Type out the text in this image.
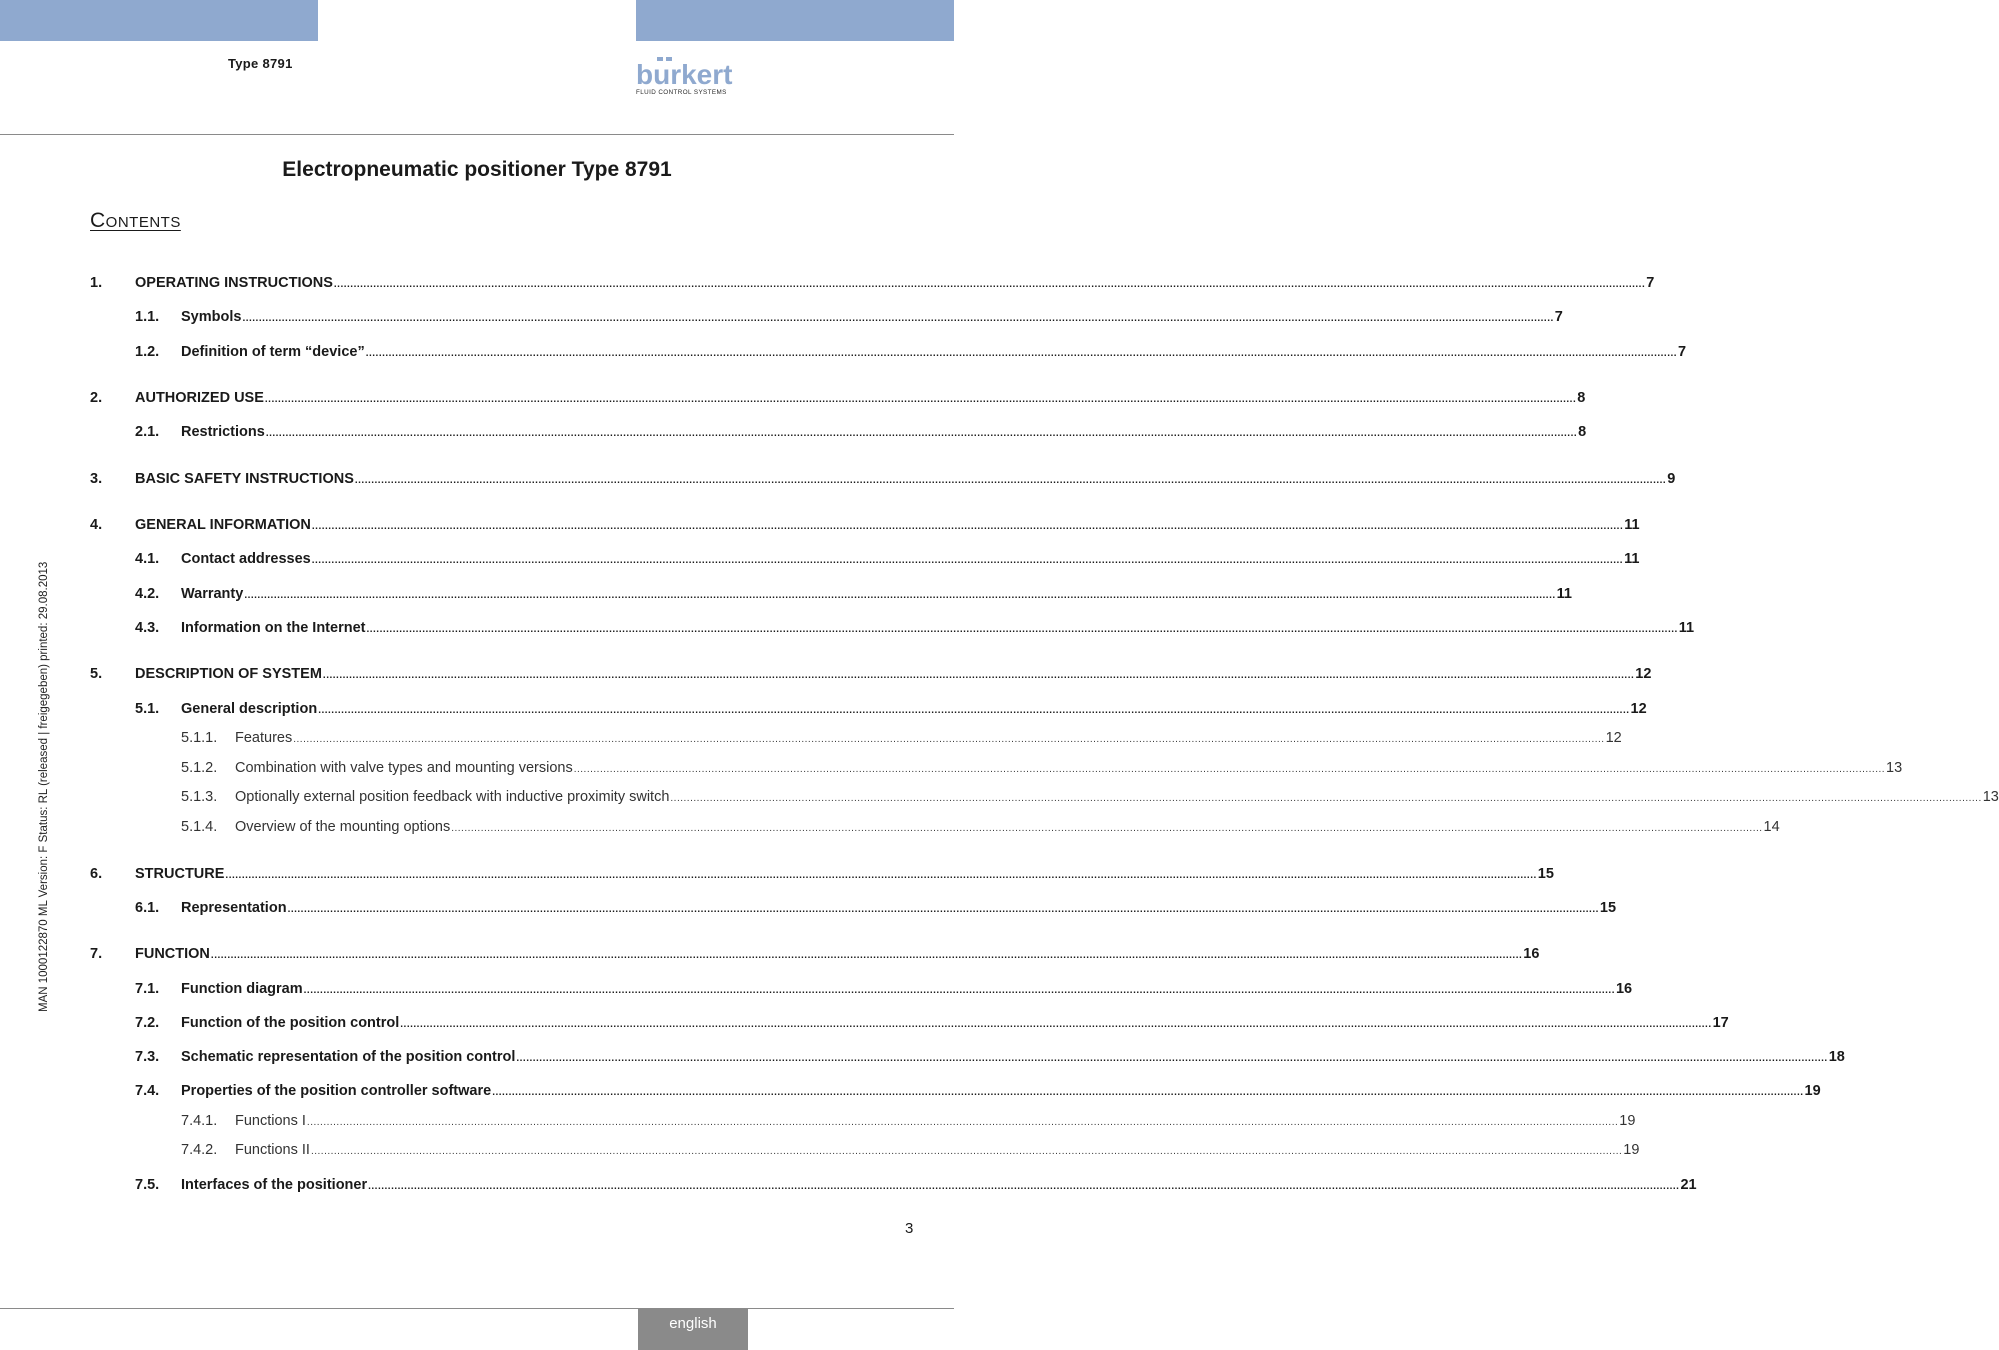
Type 8791	burkert
FLUID CONTROL SYSTEMS
Electropneumatic positioner Type 8791
Contents
MAN 1000122870 ML Version: F Status: RL (released | freigegeben) printed: 29.08.2013
1. OPERATING INSTRUCTIONS ................................................................................................................................................................................................................................................................................................................................................................................................................ 7
1.1. Symbols ................................................................................................................................................................................................................................................................................................................................................................................................................ 7
1.2. Definition of term “device” ................................................................................................................................................................................................................................................................................................................................................................................................................ 7
2. AUTHORIZED USE ................................................................................................................................................................................................................................................................................................................................................................................................................ 8
2.1. Restrictions ................................................................................................................................................................................................................................................................................................................................................................................................................ 8
3. BASIC SAFETY INSTRUCTIONS ................................................................................................................................................................................................................................................................................................................................................................................................................ 9
4. GENERAL INFORMATION ................................................................................................................................................................................................................................................................................................................................................................................................................ 11
4.1. Contact addresses ................................................................................................................................................................................................................................................................................................................................................................................................................ 11
4.2. Warranty ................................................................................................................................................................................................................................................................................................................................................................................................................ 11
4.3. Information on the Internet ................................................................................................................................................................................................................................................................................................................................................................................................................ 11
5. DESCRIPTION OF SYSTEM ................................................................................................................................................................................................................................................................................................................................................................................................................ 12
5.1. General description ................................................................................................................................................................................................................................................................................................................................................................................................................ 12
5.1.1. Features ................................................................................................................................................................................................................................................................................................................................................................................................................ 12
5.1.2. Combination with valve types and mounting versions ................................................................................................................................................................................................................................................................................................................................................................................................................ 13
5.1.3. Optionally external position feedback with inductive proximity switch ................................................................................................................................................................................................................................................................................................................................................................................................................ 13
5.1.4. Overview of the mounting options ................................................................................................................................................................................................................................................................................................................................................................................................................ 14
6. STRUCTURE ................................................................................................................................................................................................................................................................................................................................................................................................................ 15
6.1. Representation ................................................................................................................................................................................................................................................................................................................................................................................................................ 15
7. FUNCTION ................................................................................................................................................................................................................................................................................................................................................................................................................ 16
7.1. Function diagram ................................................................................................................................................................................................................................................................................................................................................................................................................ 16
7.2. Function of the position control ................................................................................................................................................................................................................................................................................................................................................................................................................ 17
7.3. Schematic representation of the position control ................................................................................................................................................................................................................................................................................................................................................................................................................ 18
7.4. Properties of the position controller software ................................................................................................................................................................................................................................................................................................................................................................................................................ 19
7.4.1. Functions I ................................................................................................................................................................................................................................................................................................................................................................................................................ 19
7.4.2. Functions II ................................................................................................................................................................................................................................................................................................................................................................................................................ 19
7.5. Interfaces of the positioner ................................................................................................................................................................................................................................................................................................................................................................................................................ 21
3
english
